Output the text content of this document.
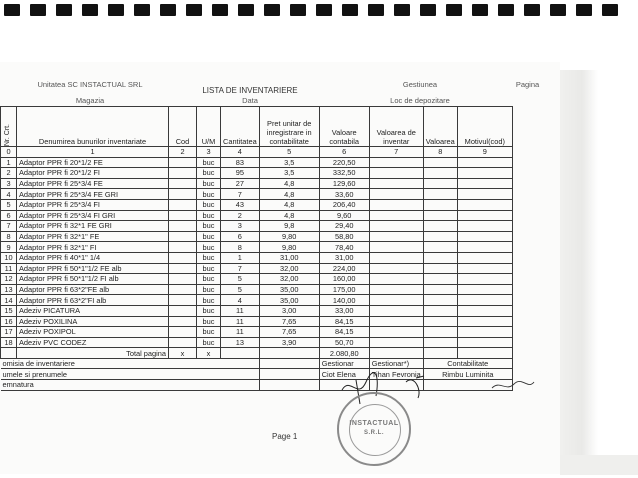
Unitatea SC INSTACTUAL SRL
Magazia
LISTA DE INVENTARIERE
Data
Gestiunea
Loc de depozitare
Pagina
Nr. Crt.	Denumirea bunurilor inventariate	Cod	U/M	Cantitatea	Pret unitar de inregistrare in contabilitate	Valoare contabila	Valoarea de inventar	Valoarea	Motivul(cod)
0	1	2	3	4	5	6	7	8	9
1	Adaptor PPR fi 20*1/2 FE		buc	83	3,5	220,50			
2	Adaptor PPR fi 20*1/2 FI		buc	95	3,5	332,50			
3	Adaptor PPR fi 25*3/4 FE		buc	27	4,8	129,60			
4	Adaptor PPR fi 25*3/4 FE GRI		buc	7	4,8	33,60			
5	Adaptor PPR fi 25*3/4 FI		buc	43	4,8	206,40			
6	Adaptor PPR fi 25*3/4 FI GRI		buc	2	4,8	9,60			
7	Adaptor PPR fi 32*1 FE GRI		buc	3	9,8	29,40			
8	Adaptor PPR fi 32*1" FE		buc	6	9,80	58,80			
9	Adaptor PPR fi 32*1" FI		buc	8	9,80	78,40			
10	Adaptor PPR fi 40*1" 1/4		buc	1	31,00	31,00			
11	Adaptor PPR fi 50*1"1/2 FE alb		buc	7	32,00	224,00			
12	Adaptor PPR fi 50*1"1/2 FI alb		buc	5	32,00	160,00			
13	Adaptor PPR fi 63*2"FE alb		buc	5	35,00	175,00			
14	Adaptor PPR fi 63*2"FI alb		buc	4	35,00	140,00			
15	Adeziv PICATURA		buc	11	3,00	33,00			
16	Adeziv POXILINA		buc	11	7,65	84,15			
17	Adeziv POXIPOL		buc	11	7,65	84,15			
18	Adeziv PVC CODEZ		buc	13	3,90	50,70			
	Total pagina	x	x			2.080,80			
omisia de inventariere						Gestionar	Gestionar*)	Contabilitate	
umele si prenumele						Ciot Elena	Tihan Fevronia	Rimbu Luminita	
emnatura									
INSTACTUAL
S.R.L.
Page 1
